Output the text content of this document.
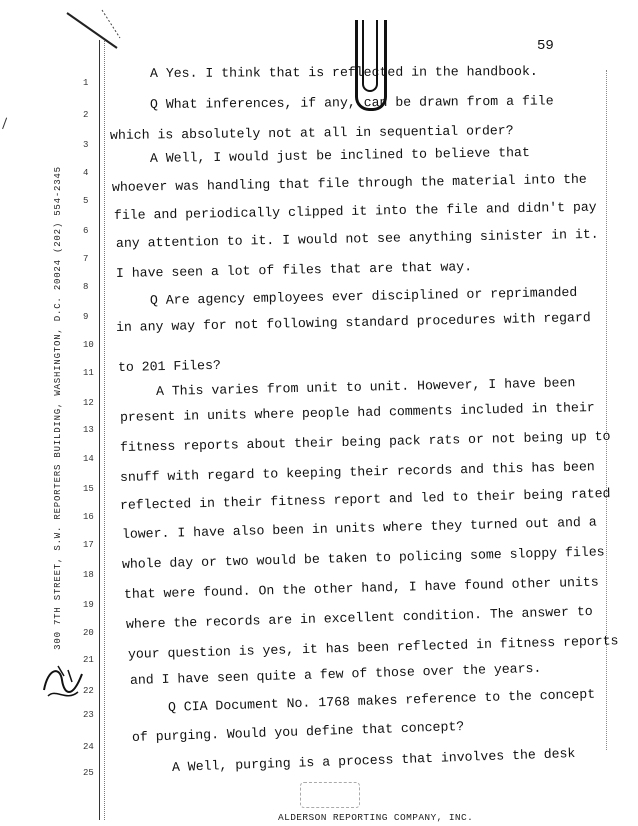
59
300 7TH STREET, S.W. REPORTERS BUILDING, WASHINGTON, D.C. 20024 (202) 554-2345
1
2
3
4
5
6
7
8
9
10
11
12
13
14
15
16
17
18
19
20
21
22
23
24
25
A Yes. I think that is reflected in the handbook.
Q What inferences, if any, can be drawn from a file
which is absolutely not at all in sequential order?
A Well, I would just be inclined to believe that
whoever was handling that file through the material into the
file and periodically clipped it into the file and didn't pay
any attention to it. I would not see anything sinister in it.
I have seen a lot of files that are that way.
Q Are agency employees ever disciplined or reprimanded
in any way for not following standard procedures with regard
to 201 Files?
A This varies from unit to unit. However, I have been
present in units where people had comments included in their
fitness reports about their being pack rats or not being up to
snuff with regard to keeping their records and this has been
reflected in their fitness report and led to their being rated
lower. I have also been in units where they turned out and a
whole day or two would be taken to policing some sloppy files
that were found. On the other hand, I have found other units
where the records are in excellent condition. The answer to
your question is yes, it has been reflected in fitness reports
and I have seen quite a few of those over the years.
Q CIA Document No. 1768 makes reference to the concept
of purging. Would you define that concept?
A Well, purging is a process that involves the desk
ALDERSON REPORTING COMPANY, INC.
